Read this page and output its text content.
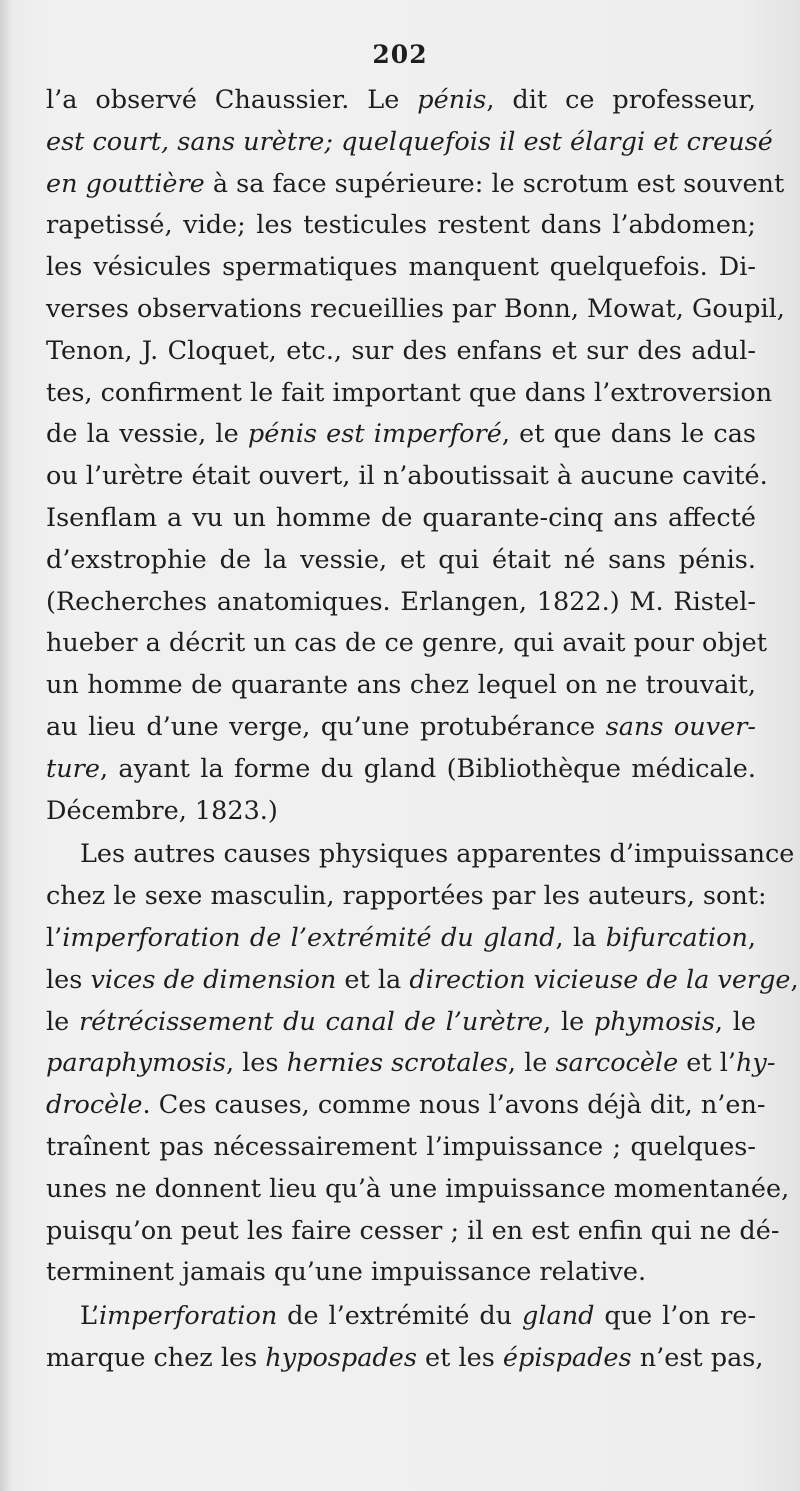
202
l’a observé Chaussier. Le pénis, dit ce professeur,
est court, sans urètre; quelquefois il est élargi et creusé
en gouttière à sa face supérieure: le scrotum est souvent
rapetissé, vide; les testicules restent dans l’abdomen;
les vésicules spermatiques manquent quelquefois. Di-
verses observations recueillies par Bonn, Mowat, Goupil,
Tenon, J. Cloquet, etc., sur des enfans et sur des adul-
tes, confirment le fait important que dans l’extroversion
de la vessie, le pénis est imperforé, et que dans le cas
ou l’urètre était ouvert, il n’aboutissait à aucune cavité.
Isenflam a vu un homme de quarante-cinq ans affecté
d’exstrophie de la vessie, et qui était né sans pénis.
(Recherches anatomiques. Erlangen, 1822.) M. Ristel-
hueber a décrit un cas de ce genre, qui avait pour objet
un homme de quarante ans chez lequel on ne trouvait,
au lieu d’une verge, qu’une protubérance sans ouver-
ture, ayant la forme du gland (Bibliothèque médicale.
Décembre, 1823.)
Les autres causes physiques apparentes d’impuissance
chez le sexe masculin, rapportées par les auteurs, sont:
l’imperforation de l’extrémité du gland, la bifurcation,
les vices de dimension et la direction vicieuse de la verge,
le rétrécissement du canal de l’urètre, le phymosis, le
paraphymosis, les hernies scrotales, le sarcocèle et l’hy-
drocèle. Ces causes, comme nous l’avons déjà dit, n’en-
traînent pas nécessairement l’impuissance ; quelques-
unes ne donnent lieu qu’à une impuissance momentanée,
puisqu’on peut les faire cesser ; il en est enfin qui ne dé-
terminent jamais qu’une impuissance relative.
L’imperforation de l’extrémité du gland que l’on re-
marque chez les hypospades et les épispades n’est pas,
